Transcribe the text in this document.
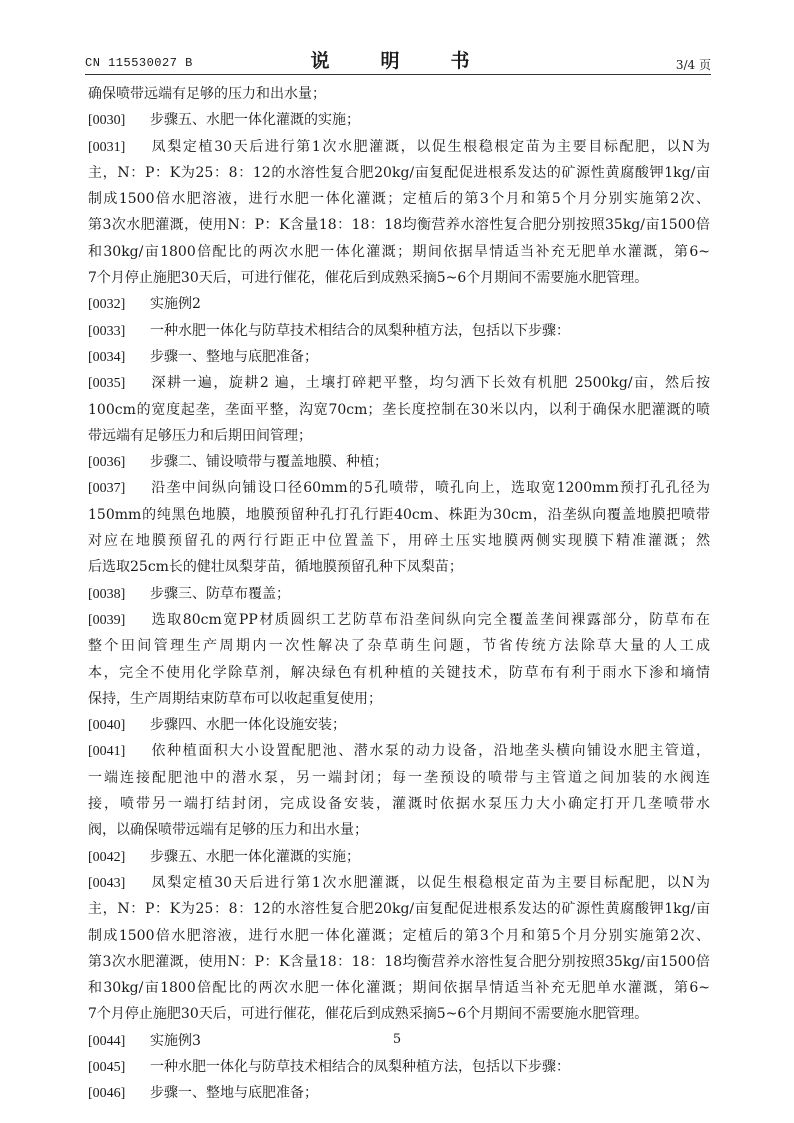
CN 115530027 B	说　明　书	3/4 页
确保喷带远端有足够的压力和出水量；
[0030] 步骤五、水肥一体化灌溉的实施；
[0031] 凤梨定植30天后进行第1次水肥灌溉，以促生根稳根定苗为主要目标配肥，以N为
主，N：P：K为25：8：12的水溶性复合肥20kg/亩复配促进根系发达的矿源性黄腐酸钾1kg/亩
制成1500倍水肥溶液，进行水肥一体化灌溉；定植后的第3个月和第5个月分别实施第2次、
第3次水肥灌溉，使用N：P：K含量18：18：18均衡营养水溶性复合肥分别按照35kg/亩1500倍
和30kg/亩1800倍配比的两次水肥一体化灌溉；期间依据旱情适当补充无肥单水灌溉，第6~
7个月停止施肥30天后，可进行催花，催花后到成熟采摘5~6个月期间不需要施水肥管理。
[0032] 实施例2
[0033] 一种水肥一体化与防草技术相结合的凤梨种植方法，包括以下步骤：
[0034] 步骤一、整地与底肥准备；
[0035] 深耕一遍，旋耕2 遍，土壤打碎耙平整，均匀洒下长效有机肥 2500kg/亩，然后按
100cm的宽度起垄，垄面平整，沟宽70cm；垄长度控制在30米以内，以利于确保水肥灌溉的喷
带远端有足够压力和后期田间管理；
[0036] 步骤二、铺设喷带与覆盖地膜、种植；
[0037] 沿垄中间纵向铺设口径60mm的5孔喷带，喷孔向上，选取宽1200mm预打孔孔径为
150mm的纯黑色地膜，地膜预留种孔打孔行距40cm、株距为30cm，沿垄纵向覆盖地膜把喷带
对应在地膜预留孔的两行行距正中位置盖下，用碎土压实地膜两侧实现膜下精准灌溉；然
后选取25cm长的健壮凤梨芽苗，循地膜预留孔种下凤梨苗；
[0038] 步骤三、防草布覆盖；
[0039] 选取80cm宽PP材质圆织工艺防草布沿垄间纵向完全覆盖垄间裸露部分，防草布在
整个田间管理生产周期内一次性解决了杂草萌生问题，节省传统方法除草大量的人工成
本，完全不使用化学除草剂，解决绿色有机种植的关键技术，防草布有利于雨水下渗和墒情
保持，生产周期结束防草布可以收起重复使用；
[0040] 步骤四、水肥一体化设施安装；
[0041] 依种植面积大小设置配肥池、潜水泵的动力设备，沿地垄头横向铺设水肥主管道，
一端连接配肥池中的潜水泵，另一端封闭；每一垄预设的喷带与主管道之间加装的水阀连
接，喷带另一端打结封闭，完成设备安装，灌溉时依据水泵压力大小确定打开几垄喷带水
阀，以确保喷带远端有足够的压力和出水量；
[0042] 步骤五、水肥一体化灌溉的实施；
[0043] 凤梨定植30天后进行第1次水肥灌溉，以促生根稳根定苗为主要目标配肥，以N为
主，N：P：K为25：8：12的水溶性复合肥20kg/亩复配促进根系发达的矿源性黄腐酸钾1kg/亩
制成1500倍水肥溶液，进行水肥一体化灌溉；定植后的第3个月和第5个月分别实施第2次、
第3次水肥灌溉，使用N：P：K含量18：18：18均衡营养水溶性复合肥分别按照35kg/亩1500倍
和30kg/亩1800倍配比的两次水肥一体化灌溉；期间依据旱情适当补充无肥单水灌溉，第6~
7个月停止施肥30天后，可进行催花，催花后到成熟采摘5~6个月期间不需要施水肥管理。
[0044] 实施例3
[0045] 一种水肥一体化与防草技术相结合的凤梨种植方法，包括以下步骤：
[0046] 步骤一、整地与底肥准备；
5
